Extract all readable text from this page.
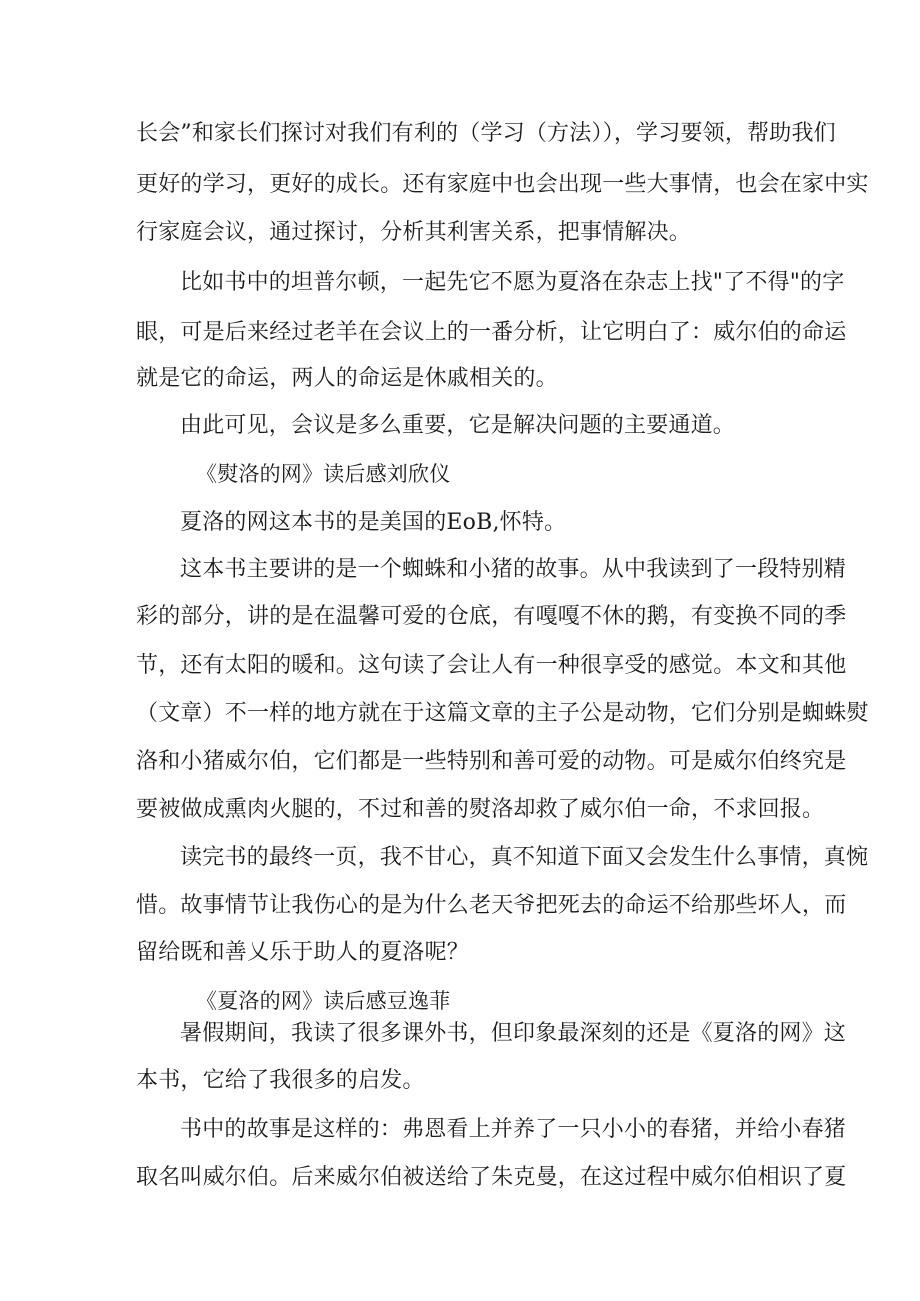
长会”和家长们探讨对我们有利的（学习（方法）），学习要领，帮助我们
更好的学习，更好的成长。还有家庭中也会出现一些大事情，也会在家中实
行家庭会议，通过探讨，分析其利害关系，把事情解决。
比如书中的坦普尔顿，一起先它不愿为夏洛在杂志上找"了不得"的字
眼，可是后来经过老羊在会议上的一番分析，让它明白了：威尔伯的命运
就是它的命运，两人的命运是休戚相关的。
由此可见，会议是多么重要，它是解决问题的主要通道。
《熨洛的网》读后感刘欣仪
夏洛的网这本书的是美国的EoB,怀特。
这本书主要讲的是一个蜘蛛和小猪的故事。从中我读到了一段特别精
彩的部分，讲的是在温馨可爱的仓底，有嘎嘎不休的鹅，有变换不同的季
节，还有太阳的暖和。这句读了会让人有一种很享受的感觉。本文和其他
（文章）不一样的地方就在于这篇文章的主子公是动物，它们分别是蜘蛛熨
洛和小猪威尔伯，它们都是一些特别和善可爱的动物。可是威尔伯终究是
要被做成熏肉火腿的，不过和善的熨洛却救了威尔伯一命，不求回报。
读完书的最终一页，我不甘心，真不知道下面又会发生什么事情，真惋
惜。故事情节让我伤心的是为什么老天爷把死去的命运不给那些坏人，而
留给既和善乂乐于助人的夏洛呢？
《夏洛的网》读后感豆逸菲
暑假期间，我读了很多课外书，但印象最深刻的还是《夏洛的网》这
本书，它给了我很多的启发。
书中的故事是这样的：弗恩看上并养了一只小小的春猪，并给小春猪
取名叫威尔伯。后来威尔伯被送给了朱克曼，在这过程中威尔伯相识了夏
